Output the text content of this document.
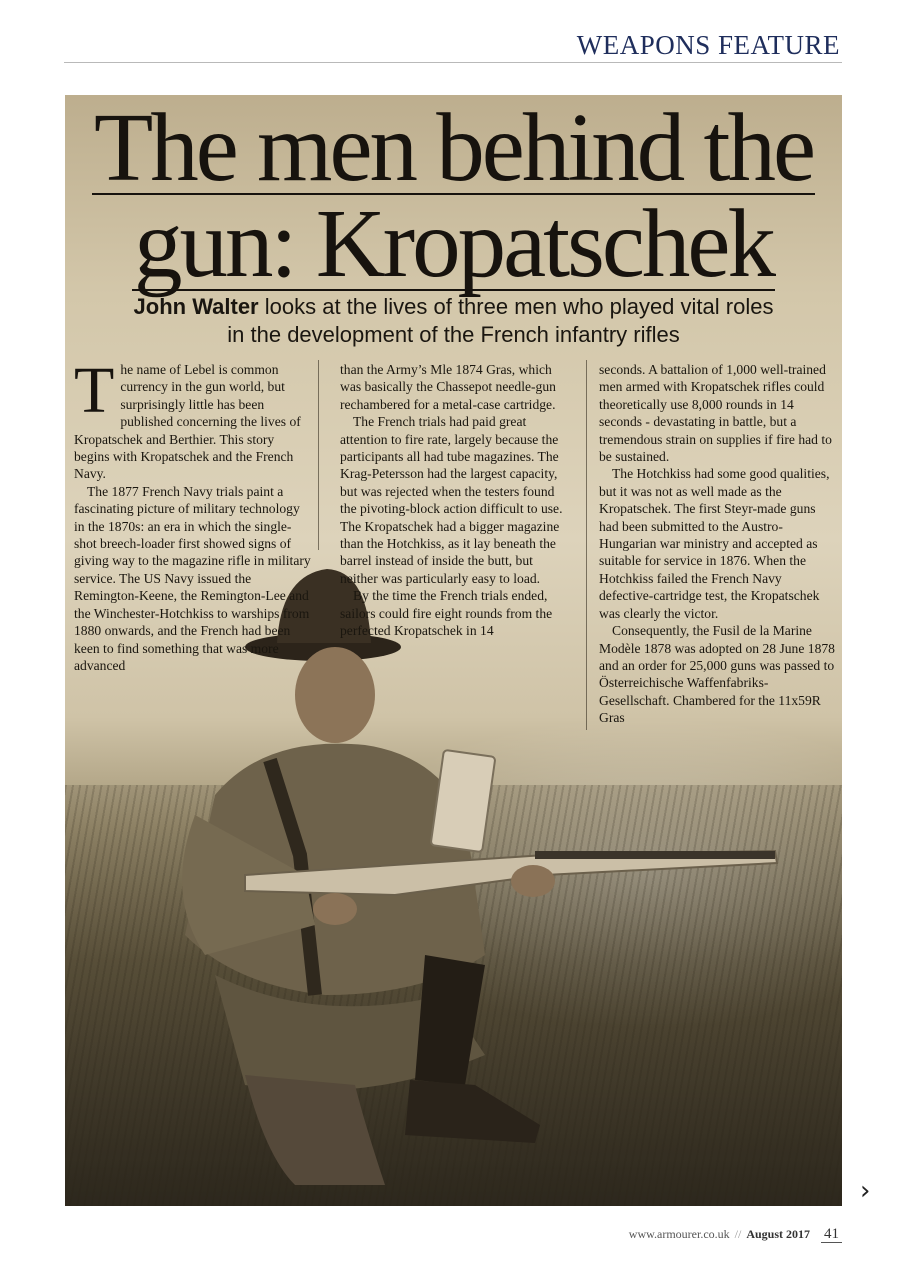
WEAPONS FEATURE
The men behind the
gun: Kropatschek
John Walter looks at the lives of three men who played vital roles
in the development of the French infantry rifles
T he name of Lebel is common currency in the gun world, but surprisingly little has been published concerning the lives of Kropatschek and Berthier. This story begins with Kropatschek and the French Navy.

The 1877 French Navy trials paint a fascinating picture of military technology in the 1870s: an era in which the single-shot breech-loader first showed signs of giving way to the magazine rifle in military service. The US Navy issued the Remington-Keene, the Remington-Lee and the Winchester-Hotchkiss to warships from 1880 onwards, and the French had been keen to find something that was more advanced

than the Army’s Mle 1874 Gras, which was basically the Chassepot needle-gun rechambered for a metal-case cartridge.

The French trials had paid great attention to fire rate, largely because the participants all had tube magazines. The Krag-Petersson had the largest capacity, but was rejected when the testers found the pivoting-block action difficult to use. The Kropatschek had a bigger magazine than the Hotchkiss, as it lay beneath the barrel instead of inside the butt, but neither was particularly easy to load.

By the time the French trials ended, sailors could fire eight rounds from the perfected Kropatschek in 14

seconds. A battalion of 1,000 well-trained men armed with Kropatschek rifles could theoretically use 8,000 rounds in 14 seconds - devastating in battle, but a tremendous strain on supplies if fire had to be sustained.

The Hotchkiss had some good qualities, but it was not as well made as the Kropatschek. The first Steyr-made guns had been submitted to the Austro-Hungarian war ministry and accepted as suitable for service in 1876. When the Hotchkiss failed the French Navy defective-cartridge test, the Kropatschek was clearly the victor.

Consequently, the Fusil de la Marine Modèle 1878 was adopted on 28 June 1878 and an order for 25,000 guns was passed to Österreichische Waffenfabriks-Gesellschaft. Chambered for the 11x59R Gras

›
www.armourer.co.uk // August 2017 41
